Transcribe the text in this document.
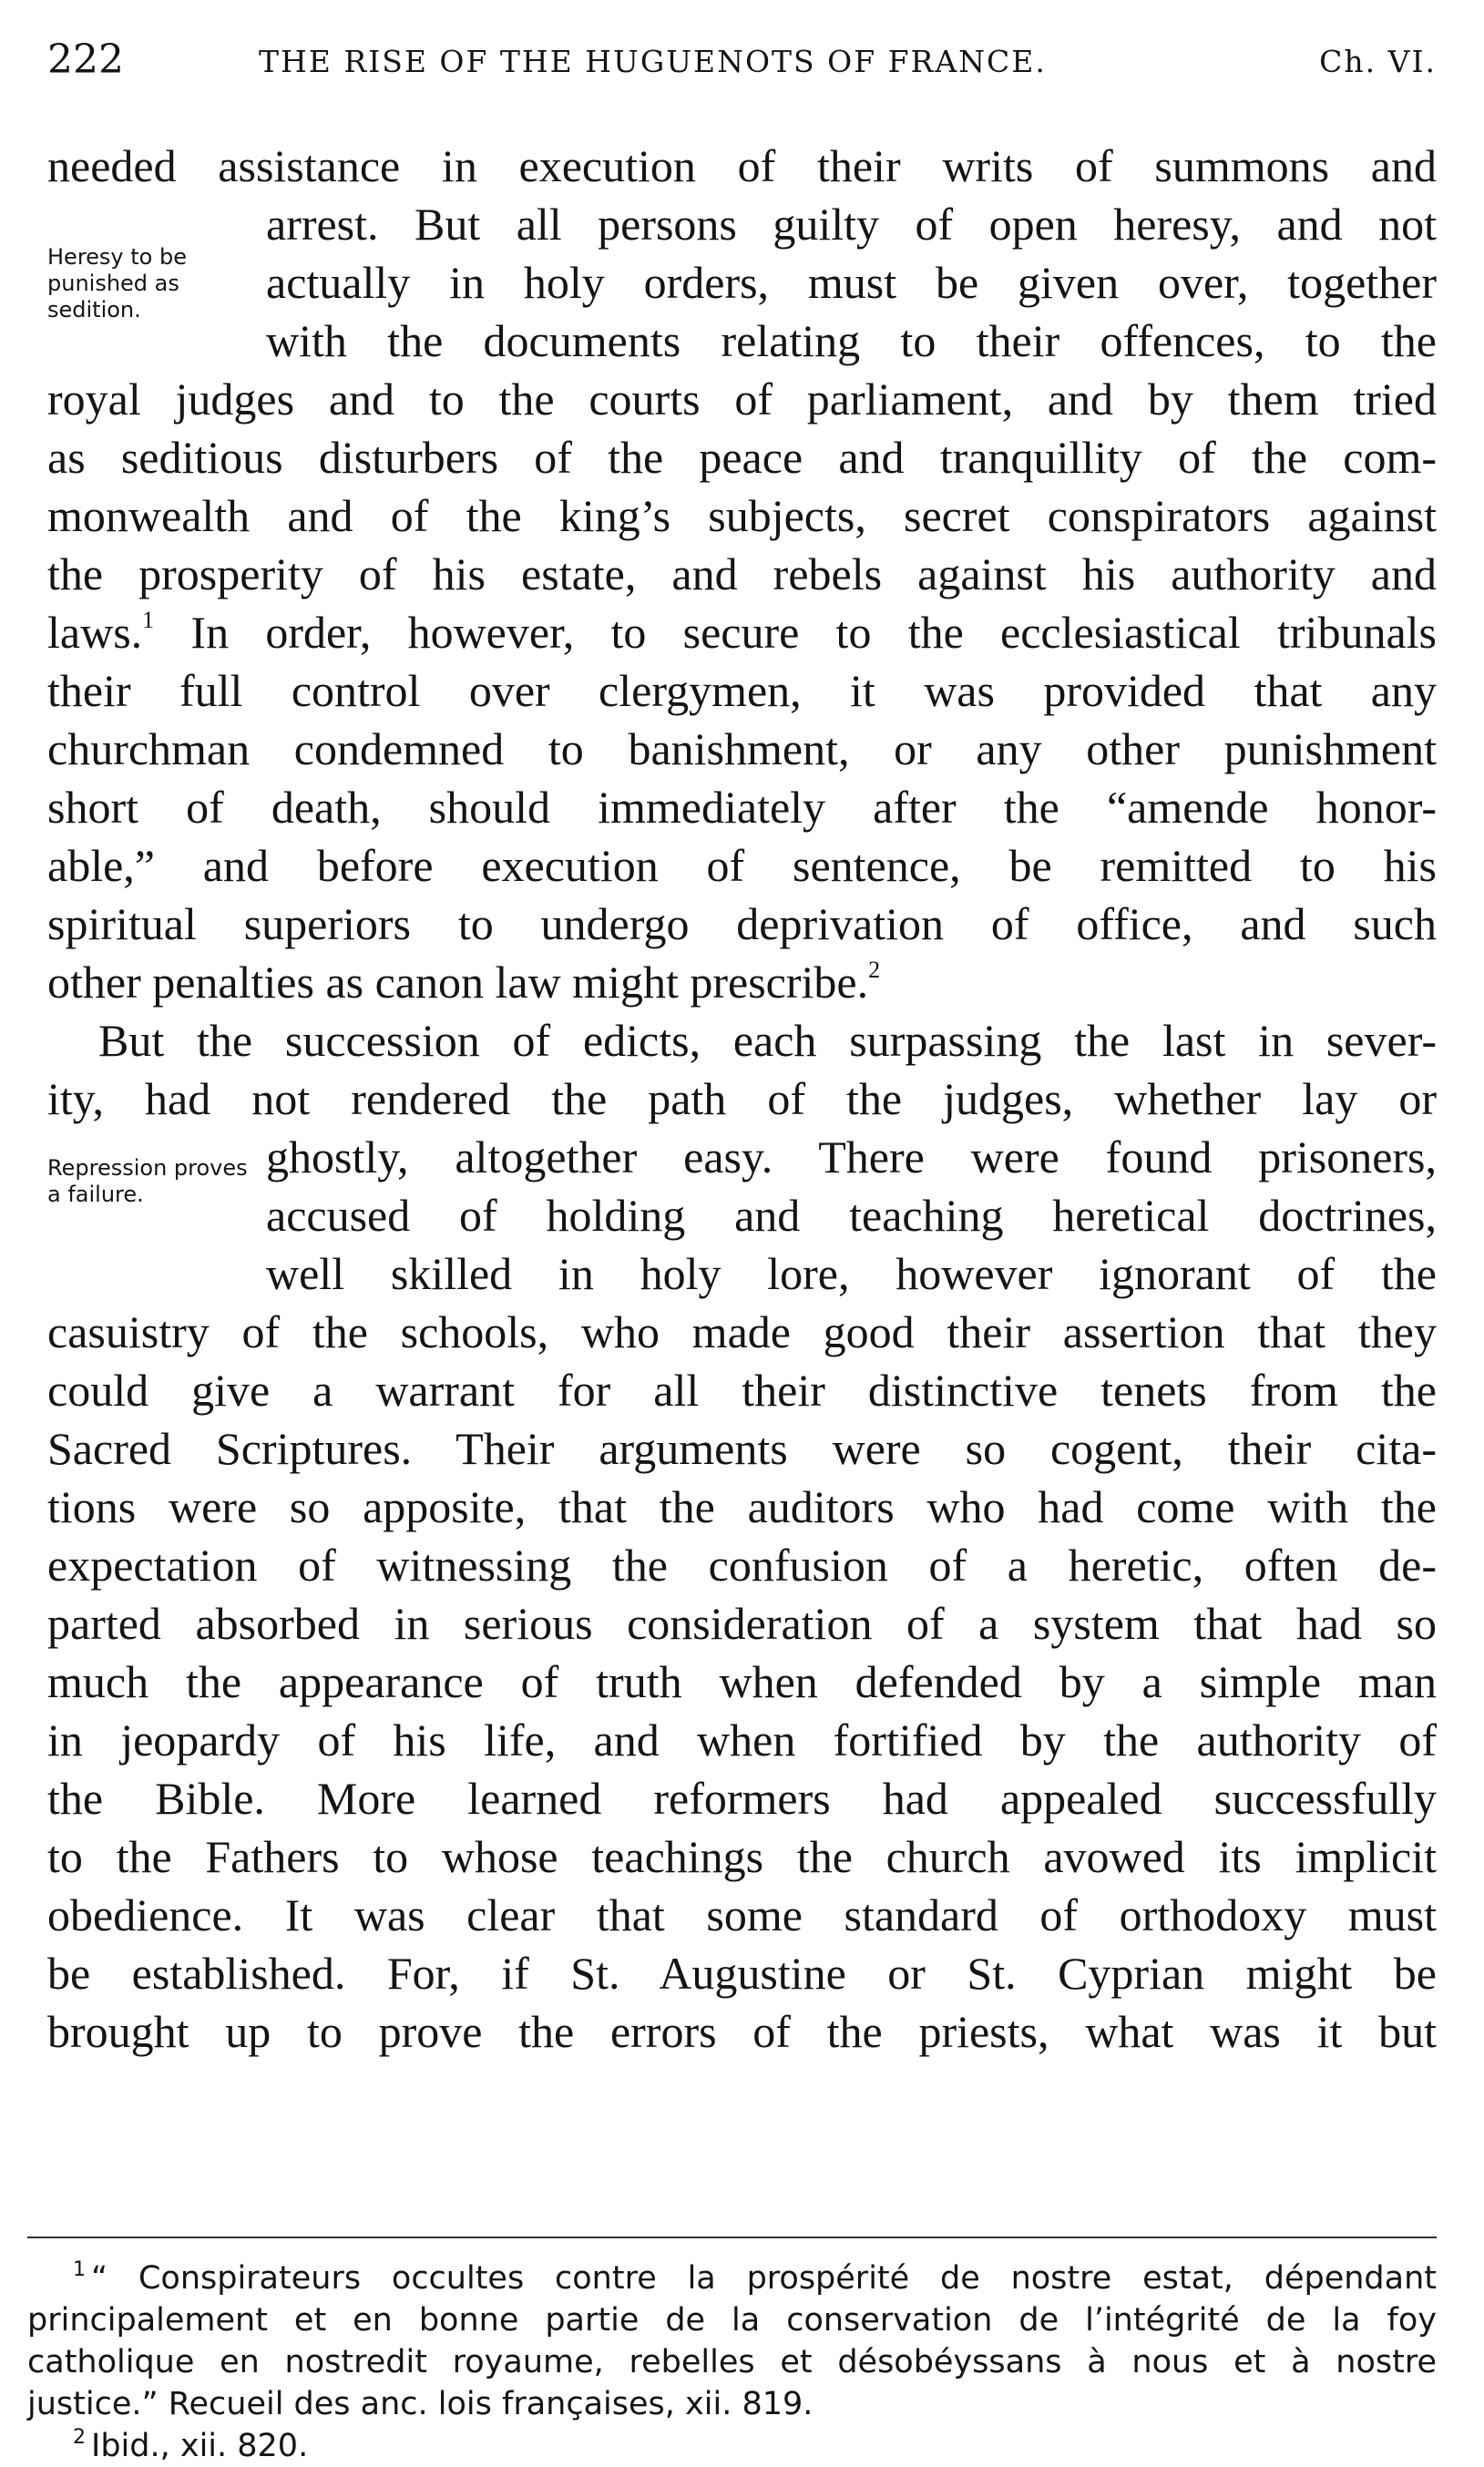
222	THE RISE OF THE HUGUENOTS OF FRANCE.	Ch. VI.
Heresy to be punished as sedition.
Repression proves a failure.
needed assistance in execution of their writs of summons and
arrest. But all persons guilty of open heresy, and not
actually in holy orders, must be given over, together
with the documents relating to their offences, to the
royal judges and to the courts of parliament, and by them tried
as seditious disturbers of the peace and tranquillity of the com-
monwealth and of the king’s subjects, secret conspirators against
the prosperity of his estate, and rebels against his authority and
laws.$^1$ In order, however, to secure to the ecclesiastical tribunals
their full control over clergymen, it was provided that any
churchman condemned to banishment, or any other punishment
short of death, should immediately after the “amende honor-
able,” and before execution of sentence, be remitted to his
spiritual superiors to undergo deprivation of office, and such
other penalties as canon law might prescribe.$^2$
But the succession of edicts, each surpassing the last in sever-
ity, had not rendered the path of the judges, whether lay or
ghostly, altogether easy. There were found prisoners,
accused of holding and teaching heretical doctrines,
well skilled in holy lore, however ignorant of the
casuistry of the schools, who made good their assertion that they
could give a warrant for all their distinctive tenets from the
Sacred Scriptures. Their arguments were so cogent, their cita-
tions were so apposite, that the auditors who had come with the
expectation of witnessing the confusion of a heretic, often de-
parted absorbed in serious consideration of a system that had so
much the appearance of truth when defended by a simple man
in jeopardy of his life, and when fortified by the authority of
the Bible. More learned reformers had appealed successfully
to the Fathers to whose teachings the church avowed its implicit
obedience. It was clear that some standard of orthodoxy must
be established. For, if St. Augustine or St. Cyprian might be
brought up to prove the errors of the priests, what was it but
$^1$ “ Conspirateurs occultes contre la prospérité de nostre estat, dépendant
principalement et en bonne partie de la conservation de l’intégrité de la foy
catholique en nostredit royaume, rebelles et désobéyssans à nous et à nostre
justice.” Recueil des anc. lois françaises, xii. 819.
$^2$ Ibid., xii. 820.
